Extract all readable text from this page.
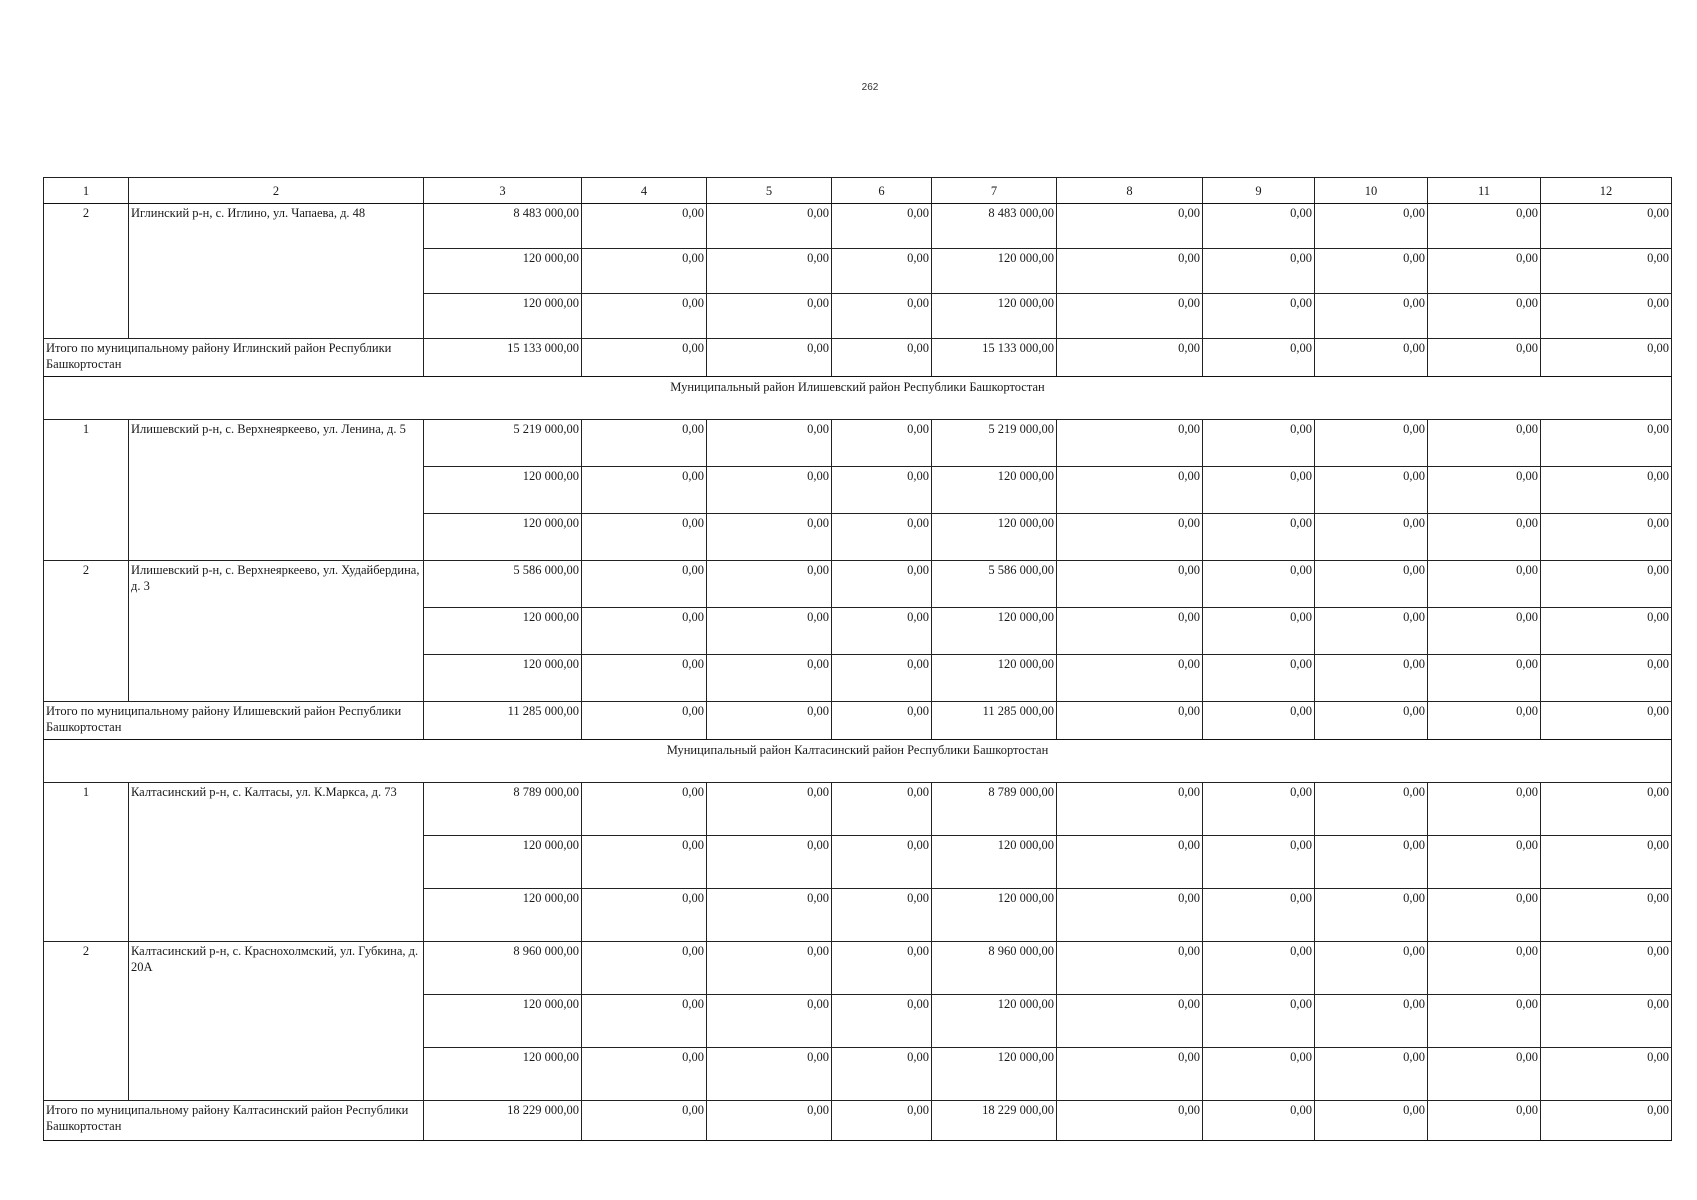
262
1	2	3	4	5	6	7	8	9	10	11	12
2	Иглинский р-н, с. Иглино, ул. Чапаева, д. 48	8 483 000,00	0,00	0,00	0,00	8 483 000,00	0,00	0,00	0,00	0,00	0,00
		120 000,00	0,00	0,00	0,00	120 000,00	0,00	0,00	0,00	0,00	0,00
		120 000,00	0,00	0,00	0,00	120 000,00	0,00	0,00	0,00	0,00	0,00
Итого по муниципальному району Иглинский район Республики Башкортостан		15 133 000,00	0,00	0,00	0,00	15 133 000,00	0,00	0,00	0,00	0,00	0,00
Муниципальный район Илишевский район Республики Башкортостан											
1	Илишевский р-н, с. Верхнеяркеево, ул. Ленина, д. 5	5 219 000,00	0,00	0,00	0,00	5 219 000,00	0,00	0,00	0,00	0,00	0,00
		120 000,00	0,00	0,00	0,00	120 000,00	0,00	0,00	0,00	0,00	0,00
		120 000,00	0,00	0,00	0,00	120 000,00	0,00	0,00	0,00	0,00	0,00
2	Илишевский р-н, с. Верхнеяркеево, ул. Худайбердина, д. 3	5 586 000,00	0,00	0,00	0,00	5 586 000,00	0,00	0,00	0,00	0,00	0,00
		120 000,00	0,00	0,00	0,00	120 000,00	0,00	0,00	0,00	0,00	0,00
		120 000,00	0,00	0,00	0,00	120 000,00	0,00	0,00	0,00	0,00	0,00
Итого по муниципальному району Илишевский район Республики Башкортостан		11 285 000,00	0,00	0,00	0,00	11 285 000,00	0,00	0,00	0,00	0,00	0,00
Муниципальный район Калтасинский район Республики Башкортостан											
1	Калтасинский р-н, с. Калтасы, ул. К.Маркса, д. 73	8 789 000,00	0,00	0,00	0,00	8 789 000,00	0,00	0,00	0,00	0,00	0,00
		120 000,00	0,00	0,00	0,00	120 000,00	0,00	0,00	0,00	0,00	0,00
		120 000,00	0,00	0,00	0,00	120 000,00	0,00	0,00	0,00	0,00	0,00
2	Калтасинский р-н, с. Краснохолмский, ул. Губкина, д. 20А	8 960 000,00	0,00	0,00	0,00	8 960 000,00	0,00	0,00	0,00	0,00	0,00
		120 000,00	0,00	0,00	0,00	120 000,00	0,00	0,00	0,00	0,00	0,00
		120 000,00	0,00	0,00	0,00	120 000,00	0,00	0,00	0,00	0,00	0,00
Итого по муниципальному району Калтасинский район Республики Башкортостан		18 229 000,00	0,00	0,00	0,00	18 229 000,00	0,00	0,00	0,00	0,00	0,00
